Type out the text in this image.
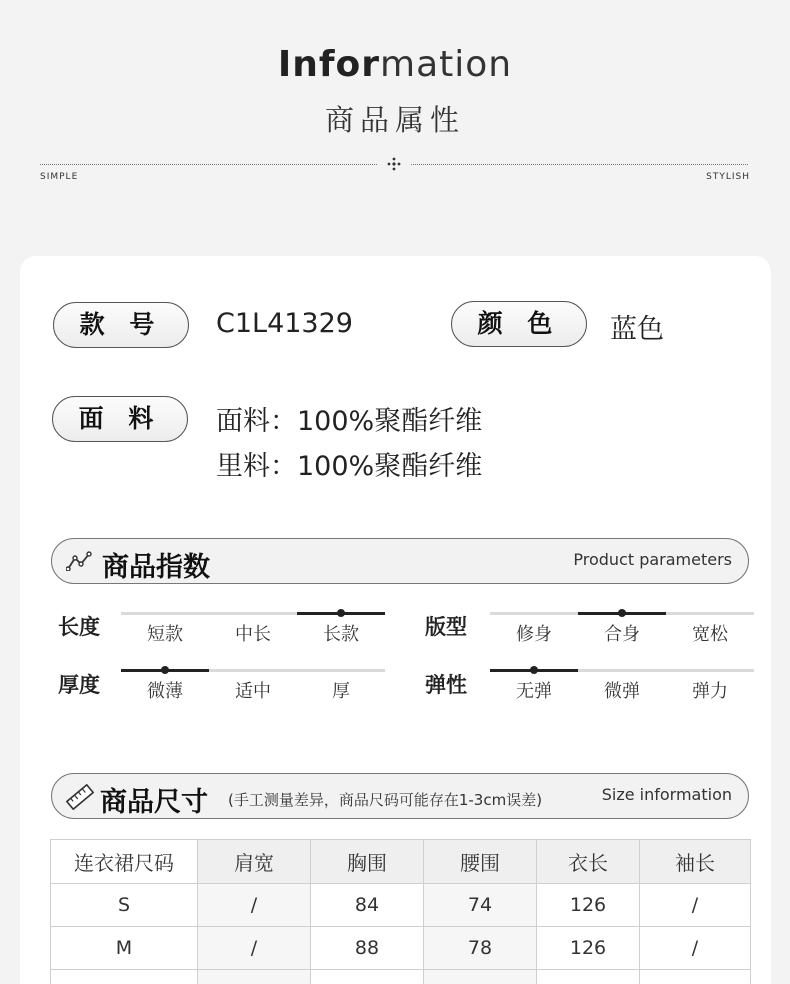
Information
商品属性
SIMPLE	STYLISH
款 号	C1L41329	颜 色	蓝色
面 料	面料：100%聚酯纤维
里料：100%聚酯纤维
商品指数	Product parameters
长度	短款	中长	长款	版型	修身	合身	宽松
厚度	微薄	适中	厚	弹性	无弹	微弹	弹力
商品尺寸 (手工测量差异，商品尺码可能存在1-3cm误差)	Size information
连衣裙尺码	肩宽	胸围	腰围	衣长	袖长
S	/	84	74	126	/
M	/	88	78	126	/
